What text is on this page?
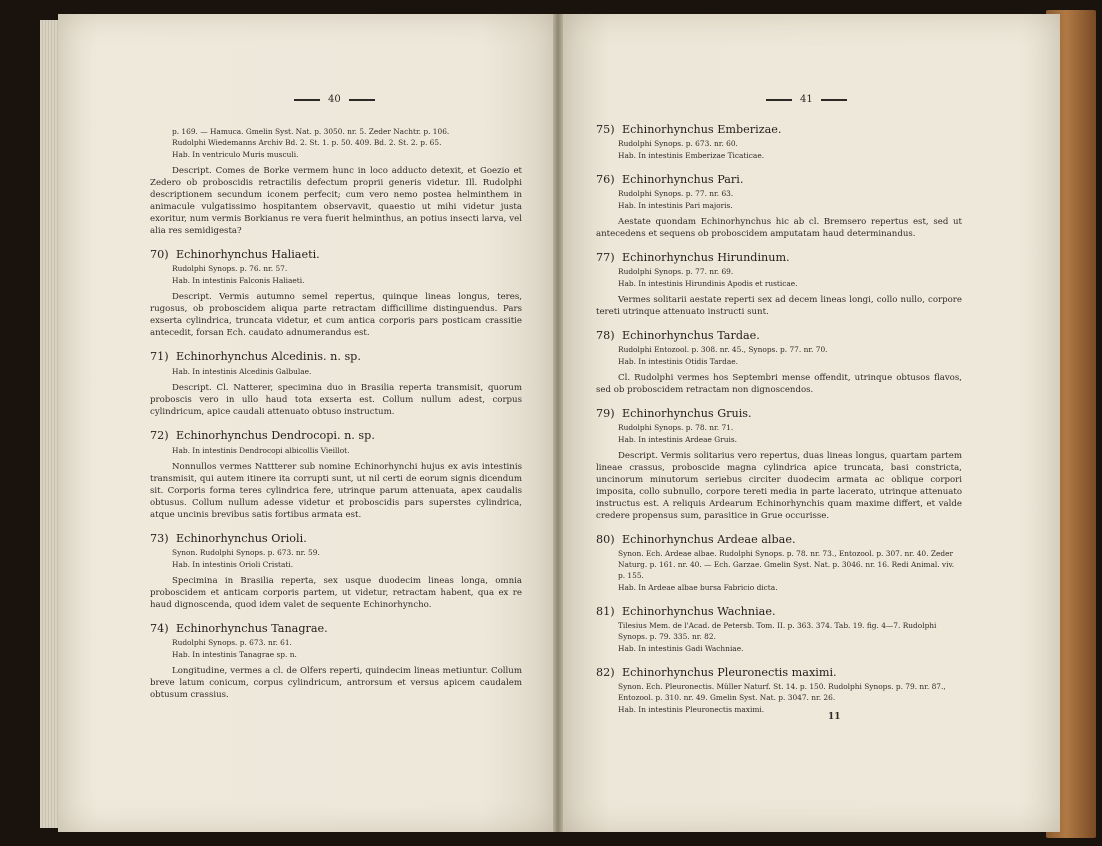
40	41
p. 169. — Hamuca. Gmelin Syst. Nat. p. 3050. nr. 5. Zeder Nachtr. p. 106.
Rudolphi Wiedemanns Archiv Bd. 2. St. 1. p. 50. 409. Bd. 2. St. 2. p. 65.
Hab. In ventriculo Muris musculi.

Descript. Comes de Borke vermem hunc in loco adducto detexit, et Goezio et Zedero ob proboscidis retractilis defectum proprii generis videtur. Ill. Rudolphi descriptionem secundum iconem perfecit; cum vero nemo postea helminthem in animacule vulgatissimo hospitantem observavit, quaestio ut mihi videtur justa exoritur, num vermis Borkianus re vera fuerit helminthus, an potius insecti larva, vel alia res semidigesta?

70) Echinorhynchus Haliaeti.
Rudolphi Synops. p. 76. nr. 57.
Hab. In intestinis Falconis Haliaeti.

Descript. Vermis autumno semel repertus, quinque lineas longus, teres, rugosus, ob proboscidem aliqua parte retractam difficillime distinguendus. Pars exserta cylindrica, truncata videtur, et cum antica corporis pars posticam crassitie antecedit, forsan Ech. caudato adnumerandus est.

71) Echinorhynchus Alcedinis. n. sp.
Hab. In intestinis Alcedinis Galbulae.

Descript. Cl. Natterer, specimina duo in Brasilia reperta transmisit, quorum proboscis vero in ullo haud tota exserta est. Collum nullum adest, corpus cylindricum, apice caudali attenuato obtuso instructum.

72) Echinorhynchus Dendrocopi. n. sp.
Hab. In intestinis Dendrocopi albicollis Vieillot.

Nonnullos vermes Nattterer sub nomine Echinorhynchi hujus ex avis intestinis transmisit, qui autem itinere ita corrupti sunt, ut nil certi de eorum signis dicendum sit. Corporis forma teres cylindrica fere, utrinque parum attenuata, apex caudalis obtusus. Collum nullum adesse videtur et proboscidis pars superstes cylindrica, atque uncinis brevibus satis fortibus armata est.

73) Echinorhynchus Orioli.
Synon. Rudolphi Synops. p. 673. nr. 59.
Hab. In intestinis Orioli Cristati.

Specimina in Brasilia reperta, sex usque duodecim lineas longa, omnia proboscidem et anticam corporis partem, ut videtur, retractam habent, qua ex re haud dignoscenda, quod idem valet de sequente Echinorhyncho.

74) Echinorhynchus Tanagrae.
Rudolphi Synops. p. 673. nr. 61.
Hab. In intestinis Tanagrae sp. n.

Longitudine, vermes a cl. de Olfers reperti, quindecim lineas metiuntur. Collum breve latum conicum, corpus cylindricum, antrorsum et versus apicem caudalem obtusum crassius.

75) Echinorhynchus Emberizae.
Rudolphi Synops. p. 673. nr. 60.
Hab. In intestinis Emberizae Ticaticae.
76) Echinorhynchus Pari.
Rudolphi Synops. p. 77. nr. 63.
Hab. In intestinis Pari majoris.

Aestate quondam Echinorhynchus hic ab cl. Bremsero repertus est, sed ut antecedens et sequens ob proboscidem amputatam haud determinandus.

77) Echinorhynchus Hirundinum.
Rudolphi Synops. p. 77. nr. 69.
Hab. In intestinis Hirundinis Apodis et rusticae.

Vermes solitarii aestate reperti sex ad decem lineas longi, collo nullo, corpore tereti utrinque attenuato instructi sunt.

78) Echinorhynchus Tardae.
Rudolphi Entozool. p. 308. nr. 45., Synops. p. 77. nr. 70.
Hab. In intestinis Otidis Tardae.

Cl. Rudolphi vermes hos Septembri mense offendit, utrinque obtusos flavos, sed ob proboscidem retractam non dignoscendos.

79) Echinorhynchus Gruis.
Rudolphi Synops. p. 78. nr. 71.
Hab. In intestinis Ardeae Gruis.

Descript. Vermis solitarius vero repertus, duas lineas longus, quartam partem lineae crassus, proboscide magna cylindrica apice truncata, basi constricta, uncinorum minutorum seriebus circiter duodecim armata ac oblique corpori imposita, collo subnullo, corpore tereti media in parte lacerato, utrinque attenuato instructus est. A reliquis Ardearum Echinorhynchis quam maxime differt, et valde credere propensus sum, parasitice in Grue occurisse.

80) Echinorhynchus Ardeae albae.
Synon. Ech. Ardeae albae. Rudolphi Synops. p. 78. nr. 73., Entozool. p. 307. nr. 40. Zeder Naturg. p. 161. nr. 40. — Ech. Garzae. Gmelin Syst. Nat. p. 3046. nr. 16. Redi Animal. viv. p. 155.
Hab. In Ardeae albae bursa Fabricio dicta.
81) Echinorhynchus Wachniae.
Tilesius Mem. de l'Acad. de Petersb. Tom. II. p. 363. 374. Tab. 19. fig. 4—7. Rudolphi Synops. p. 79. 335. nr. 82.
Hab. In intestinis Gadi Wachniae.
82) Echinorhynchus Pleuronectis maximi.
Synon. Ech. Pleuronectis. Müller Naturf. St. 14. p. 150. Rudolphi Synops. p. 79. nr. 87., Entozool. p. 310. nr. 49. Gmelin Syst. Nat. p. 3047. nr. 26.
Hab. In intestinis Pleuronectis maximi.
11
